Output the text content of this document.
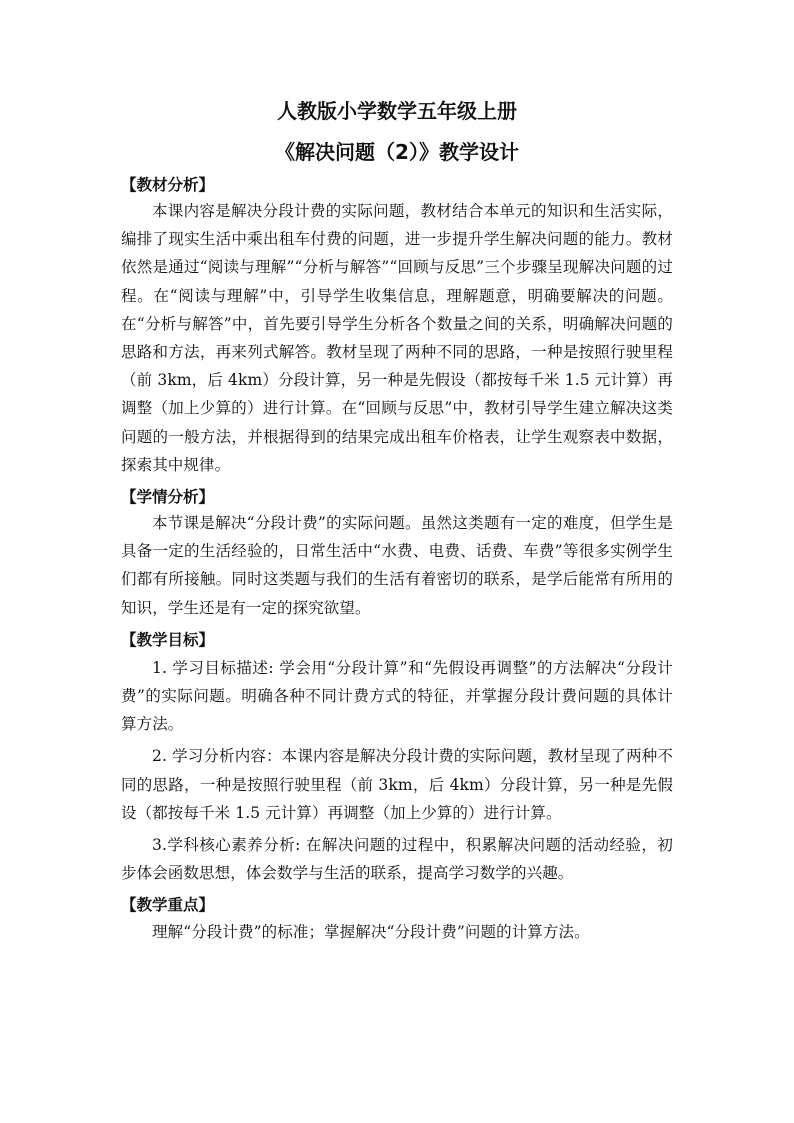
人教版小学数学五年级上册
《解决问题（2）》教学设计
【教材分析】

本课内容是解决分段计费的实际问题，教材结合本单元的知识和生活实际，编排了现实生活中乘出租车付费的问题，进一步提升学生解决问题的能力。教材依然是通过“阅读与理解”“分析与解答”“回顾与反思”三个步骤呈现解决问题的过程。在“阅读与理解”中，引导学生收集信息，理解题意，明确要解决的问题。在“分析与解答”中，首先要引导学生分析各个数量之间的关系，明确解决问题的思路和方法，再来列式解答。教材呈现了两种不同的思路，一种是按照行驶里程（前 3km，后 4km）分段计算，另一种是先假设（都按每千米 1.5 元计算）再调整（加上少算的）进行计算。在“回顾与反思”中，教材引导学生建立解决这类问题的一般方法，并根据得到的结果完成出租车价格表，让学生观察表中数据，探索其中规律。

【学情分析】

本节课是解决“分段计费”的实际问题。虽然这类题有一定的难度，但学生是具备一定的生活经验的，日常生活中“水费、电费、话费、车费”等很多实例学生们都有所接触。同时这类题与我们的生活有着密切的联系，是学后能常有所用的知识，学生还是有一定的探究欲望。

【教学目标】

1. 学习目标描述: 学会用“分段计算”和“先假设再调整”的方法解决“分段计费”的实际问题。明确各种不同计费方式的特征，并掌握分段计费问题的具体计算方法。

2. 学习分析内容：本课内容是解决分段计费的实际问题，教材呈现了两种不同的思路，一种是按照行驶里程（前 3km，后 4km）分段计算，另一种是先假设（都按每千米 1.5 元计算）再调整（加上少算的）进行计算。

3.学科核心素养分析: 在解决问题的过程中，积累解决问题的活动经验，初步体会函数思想，体会数学与生活的联系，提高学习数学的兴趣。

【教学重点】

理解“分段计费”的标准；掌握解决“分段计费”问题的计算方法。
